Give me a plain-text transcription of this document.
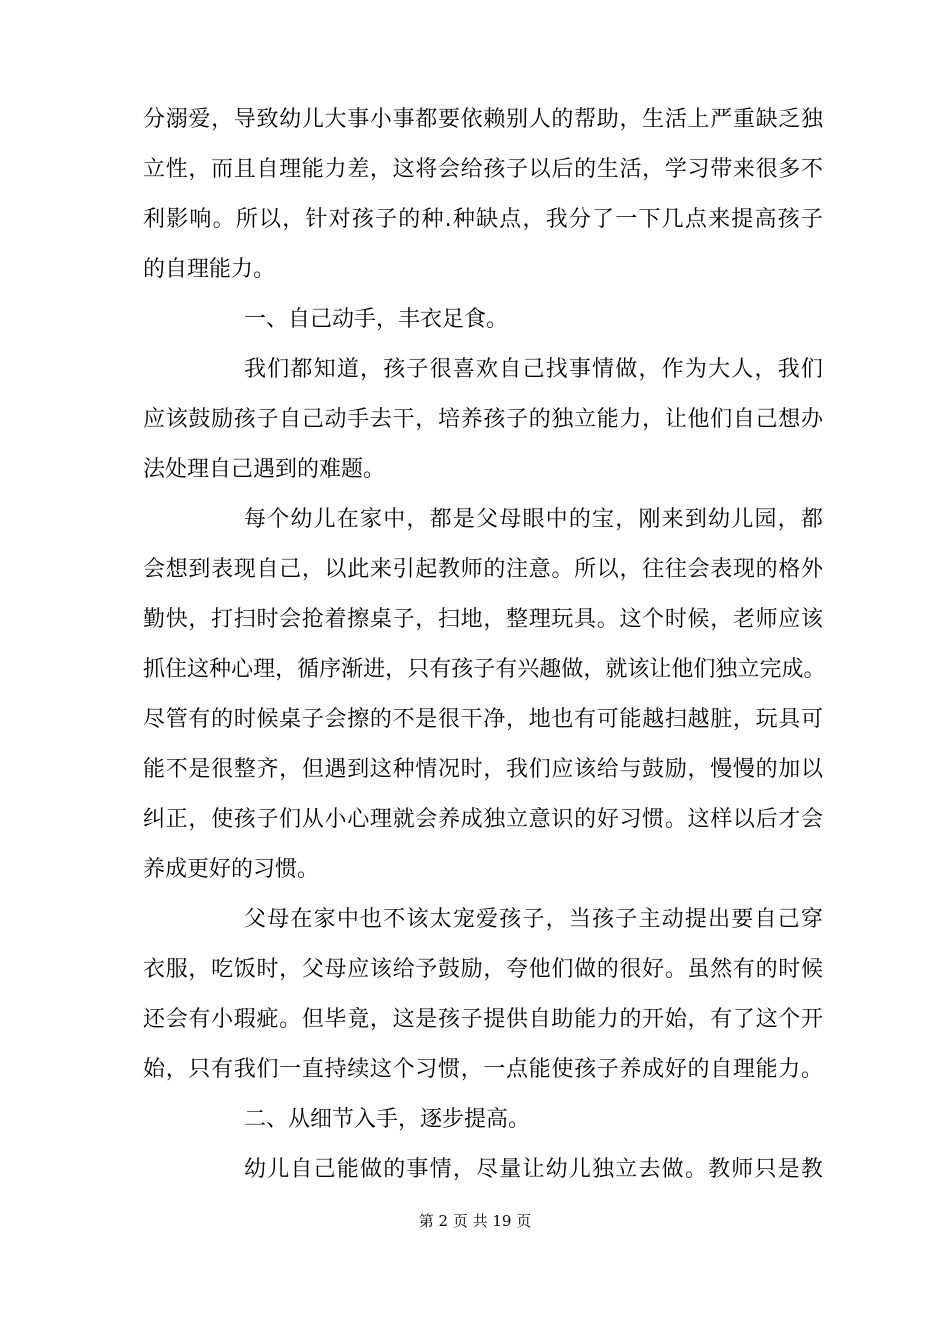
分 溺 爱 ， 导 致 幼 儿 大 事 小 事 都 要 依 赖 别 人 的 帮 助 ， 生 活 上 严 重 缺 乏 独
立 性 ， 而 且 自 理 能 力 差 ， 这 将 会 给 孩 子 以 后 的 生 活 ， 学 习 带 来 很 多 不
利 影 响 。 所 以 ， 针 对 孩 子 的 种 . 种 缺 点 ， 我 分 了 一 下 几 点 来 提 高 孩 子
的自理能力。
一、自己动手，丰衣足食。
我 们 都 知 道 ， 孩 子 很 喜 欢 自 己 找 事 情 做 ， 作 为 大 人 ， 我 们
应 该 鼓 励 孩 子 自 己 动 手 去 干 ， 培 养 孩 子 的 独 立 能 力 ， 让 他 们 自 己 想 办
法处理自己遇到的难题。
每 个 幼 儿 在 家 中 ， 都 是 父 母 眼 中 的 宝 ， 刚 来 到 幼 儿 园 ， 都
会 想 到 表 现 自 己 ， 以 此 来 引 起 教 师 的 注 意 。 所 以 ， 往 往 会 表 现 的 格 外
勤 快 ， 打 扫 时 会 抢 着 擦 桌 子 ， 扫 地 ， 整 理 玩 具 。 这 个 时 候 ， 老 师 应 该
抓 住 这 种 心 理 ， 循 序 渐 进 ， 只 有 孩 子 有 兴 趣 做 ， 就 该 让 他 们 独 立 完 成 。
尽 管 有 的 时 候 桌 子 会 擦 的 不 是 很 干 净 ， 地 也 有 可 能 越 扫 越 脏 ， 玩 具 可
能 不 是 很 整 齐 ， 但 遇 到 这 种 情 况 时 ， 我 们 应 该 给 与 鼓 励 ， 慢 慢 的 加 以
纠 正 ， 使 孩 子 们 从 小 心 理 就 会 养 成 独 立 意 识 的 好 习 惯 。 这 样 以 后 才 会
养成更好的习惯。
父 母 在 家 中 也 不 该 太 宠 爱 孩 子 ， 当 孩 子 主 动 提 出 要 自 己 穿
衣 服 ， 吃 饭 时 ， 父 母 应 该 给 予 鼓 励 ， 夸 他 们 做 的 很 好 。 虽 然 有 的 时 候
还 会 有 小 瑕 疵 。 但 毕 竟 ， 这 是 孩 子 提 供 自 助 能 力 的 开 始 ， 有 了 这 个 开
始 ， 只 有 我 们 一 直 持 续 这 个 习 惯 ， 一 点 能 使 孩 子 养 成 好 的 自 理 能 力 。
二、从细节入手，逐步提高。
幼 儿 自 己 能 做 的 事 情 ， 尽 量 让 幼 儿 独 立 去 做 。 教 师 只 是 教
第 2 页 共 19 页
